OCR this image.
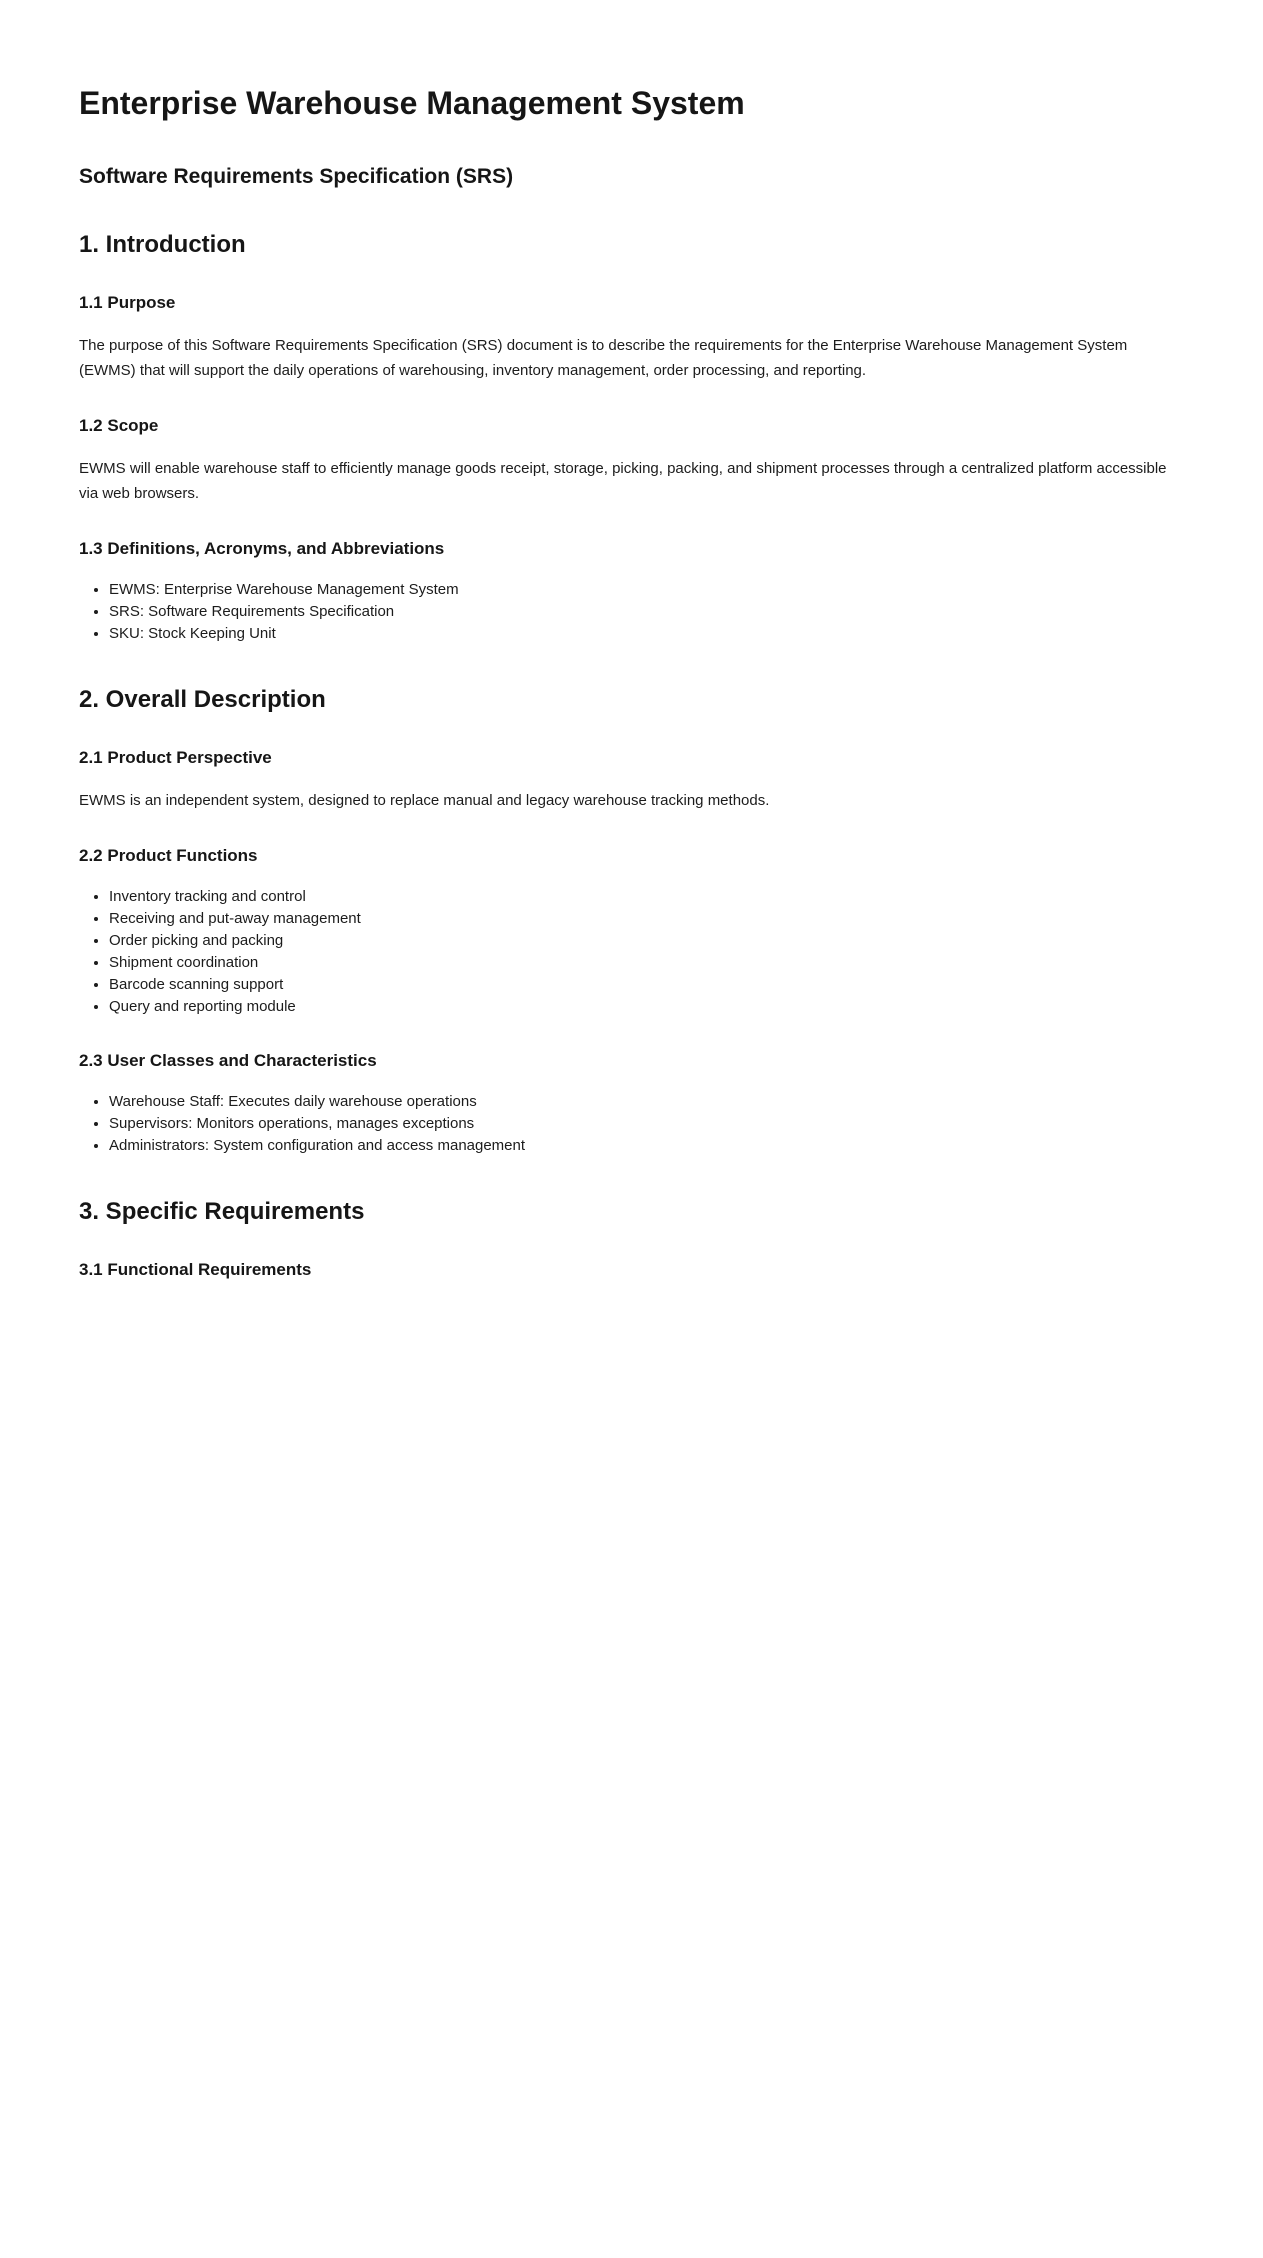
Enterprise Warehouse Management System
Software Requirements Specification (SRS)
1. Introduction
1.1 Purpose

The purpose of this Software Requirements Specification (SRS) document is to describe the requirements for the Enterprise Warehouse Management System (EWMS) that will support the daily operations of warehousing, inventory management, order processing, and reporting.

1.2 Scope

EWMS will enable warehouse staff to efficiently manage goods receipt, storage, picking, packing, and shipment processes through a centralized platform accessible via web browsers.

1.3 Definitions, Acronyms, and Abbreviations
• EWMS: Enterprise Warehouse Management System
• SRS: Software Requirements Specification
• SKU: Stock Keeping Unit
2. Overall Description
2.1 Product Perspective

EWMS is an independent system, designed to replace manual and legacy warehouse tracking methods.

2.2 Product Functions
• Inventory tracking and control
• Receiving and put-away management
• Order picking and packing
• Shipment coordination
• Barcode scanning support
• Query and reporting module
2.3 User Classes and Characteristics
• Warehouse Staff: Executes daily warehouse operations
• Supervisors: Monitors operations, manages exceptions
• Administrators: System configuration and access management
3. Specific Requirements
3.1 Functional Requirements
